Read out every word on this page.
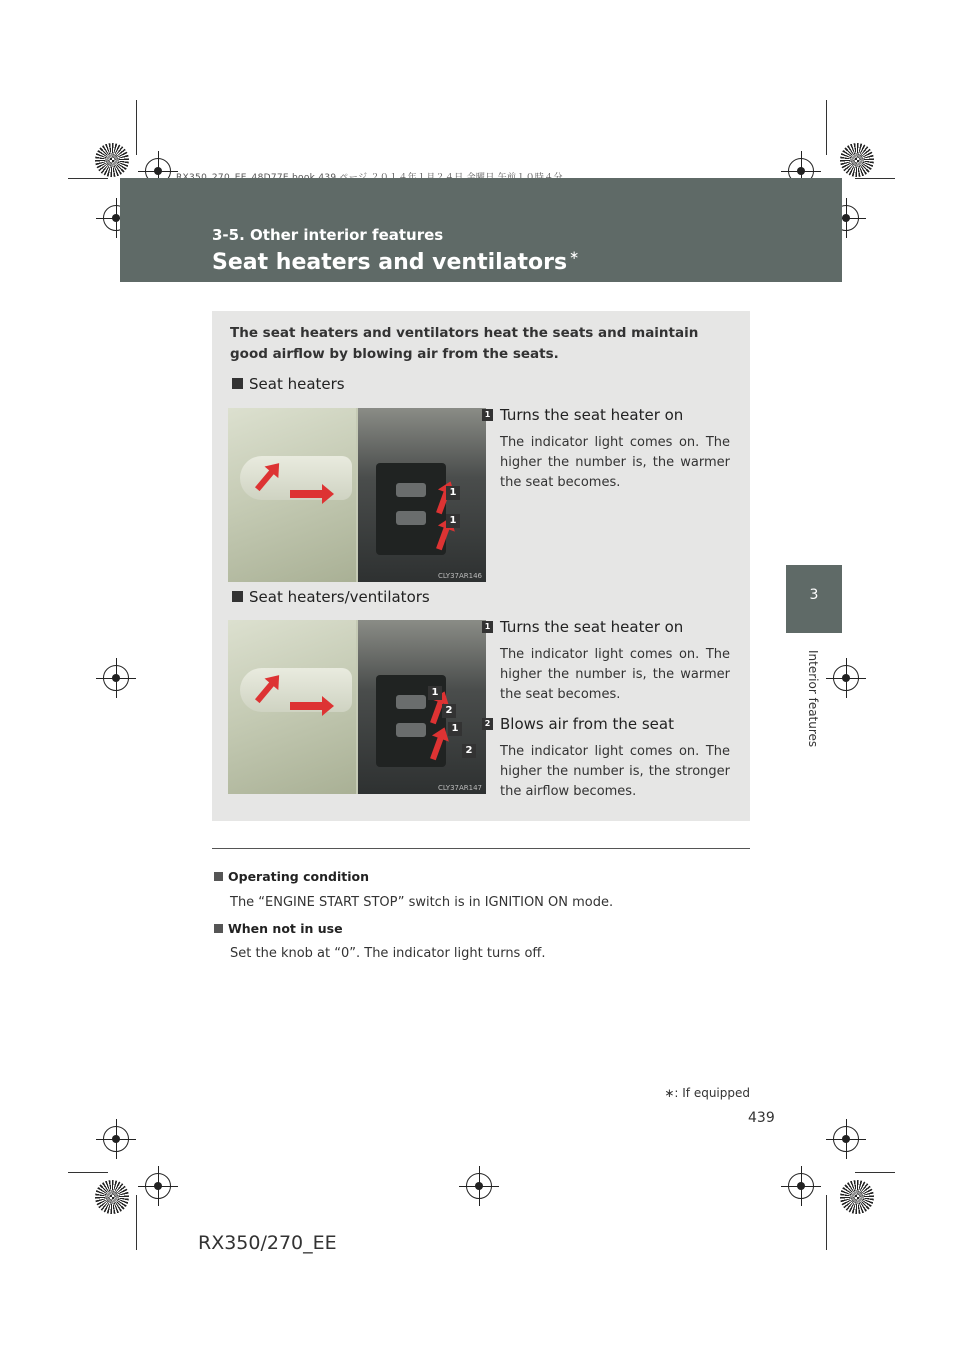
3-5. Other interior features
Seat heaters and ventilators ∗
3
Interior features
The seat heaters and ventilators heat the seats and maintain good airflow by blowing air from the seats.
Seat heaters
1
1
CLY37AR146
1 Turns the seat heater on
The indicator light comes on. The higher the number is, the warmer the seat becomes.
Seat heaters/ventilators
1
2
1
2
CLY37AR147
1 Turns the seat heater on
The indicator light comes on. The higher the number is, the warmer the seat becomes.
2 Blows air from the seat
The indicator light comes on. The higher the number is, the stronger the airflow becomes.
Operating condition
The “ENGINE START STOP” switch is in IGNITION ON mode.
When not in use
Set the knob at “0”. The indicator light turns off.
∗: If equipped
439
RX350/270_EE
